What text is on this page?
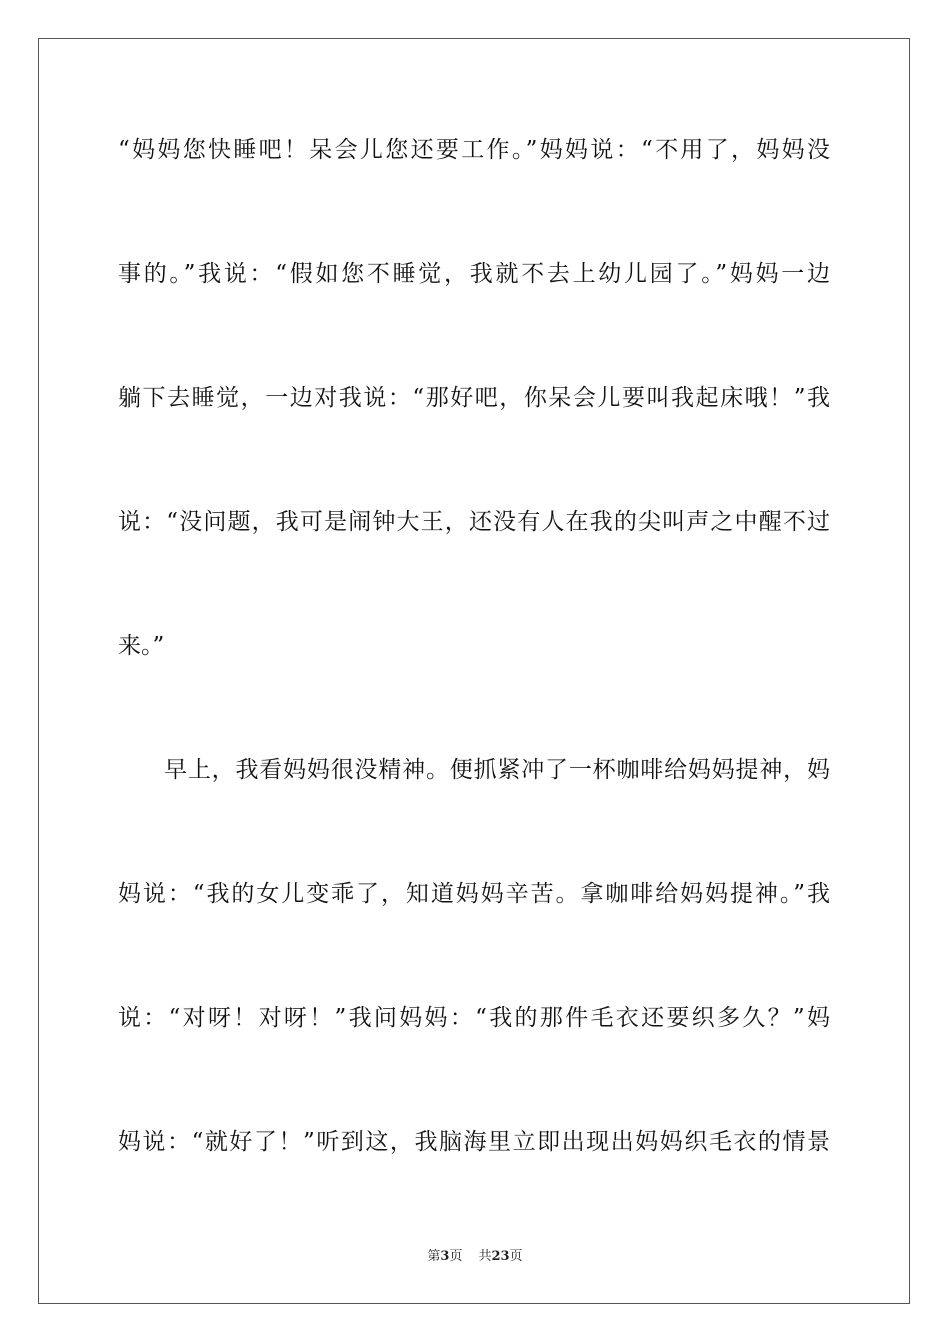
“妈妈您快睡吧！呆会儿您还要工作。”妈妈说：“不用了，妈妈没
事的。”我说：“假如您不睡觉，我就不去上幼儿园了。”妈妈一边
躺下去睡觉，一边对我说：“那好吧，你呆会儿要叫我起床哦！”我
说：“没问题，我可是闹钟大王，还没有人在我的尖叫声之中醒不过
来。”
早上，我看妈妈很没精神。便抓紧冲了一杯咖啡给妈妈提神，妈
妈说：“我的女儿变乖了，知道妈妈辛苦。拿咖啡给妈妈提神。”我
说：“对呀！对呀！”我问妈妈：“我的那件毛衣还要织多久？”妈
妈说：“就好了！”听到这，我脑海里立即出现出妈妈织毛衣的情景
第3页 共23页
